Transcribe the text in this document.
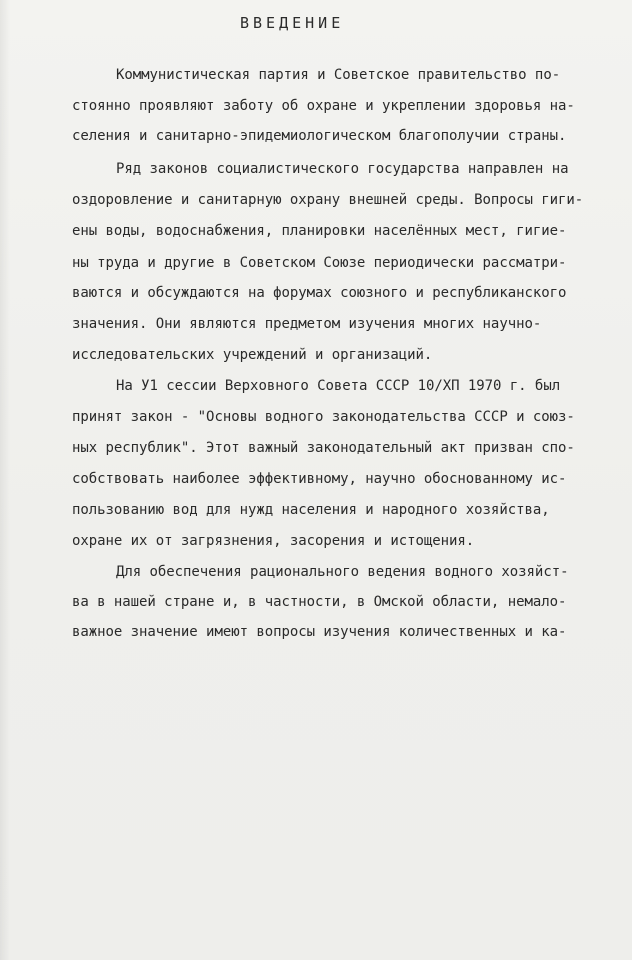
ВВЕДЕНИЕ
Коммунистическая партия и Советское правительство по-
стоянно проявляют заботу об охране и укреплении здоровья на-
селения и санитарно-эпидемиологическом благополучии страны.
Ряд законов социалистического государства направлен на
оздоровление и санитарную охрану внешней среды. Вопросы гиги-
ены воды, водоснабжения, планировки населённых мест, гигие-
ны труда и другие в Советском Союзе периодически рассматри-
ваются и обсуждаются на форумах союзного и республиканского
значения. Они являются предметом изучения многих научно-
исследовательских учреждений и организаций.
На У1 сессии Верховного Совета СССР 10/ХП 1970 г. был
принят закон - "Основы водного законодательства СССР и союз-
ных республик". Этот важный законодательный акт призван спо-
собствовать наиболее эффективному, научно обоснованному ис-
пользованию вод для нужд населения и народного хозяйства,
охране их от загрязнения, засорения и истощения.
Для обеспечения рационального ведения водного хозяйст-
ва в нашей стране и, в частности, в Омской области, немало-
важное значение имеют вопросы изучения количественных и ка-
